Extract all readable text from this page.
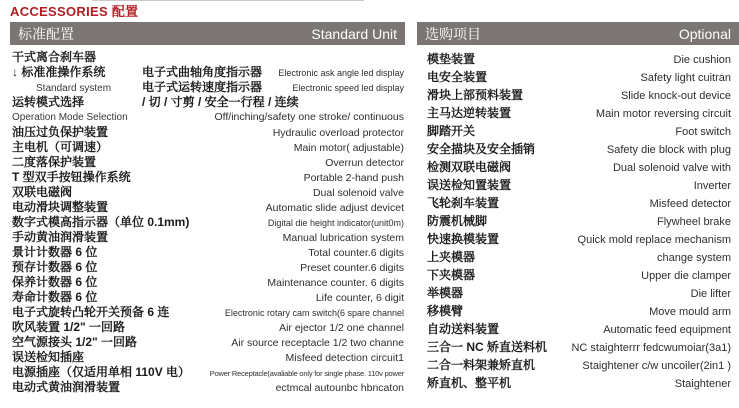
ACCESSORIES 配置
标准配置	Standard Unit
干式离合刹车器
↓ 标准准操作系统	电子式曲轴角度指示器	Electronic ask angle led display
Standard system	电子式运转速度指示器	Electronic speed led display
运转模式选择	/ 切 / 寸剪 / 安全一行程 / 连续
Operation Mode Selection	Off/inching/safety one stroke/ continuous
油压过负保护装置	Hydraulic overload protector
主电机（可调速）	Main motor( adjustable)
二度落保护装置	Overrun detector
T 型双手按钮操作系统	Portable 2-hand push
双联电磁阀	Dual solenoid valve
电动滑块调整装置	Automatic slide adjust devicet
数字式模高指示器（单位 0.1mm)	Digital die height indicator(unit0m)
手动黄油润滑装置	Manual lubrication system
景计计数器 6 位	Total counter.6 digits
预存计数器 6 位	Preset counter.6 digits
保养计数器 6 位	Maintenance counter. 6 digits
寿命计数器 6 位	Life counter, 6 digit
电子式旋转凸轮开关预备 6 连	Electronic rotary cam switch(6 spare channel
吹风装置 1/2" 一回路	Air ejector 1/2 one channel
空气源接头 1/2" 一回路	Air source receptacle 1/2 two channe
误送检知插座	Misfeed detection circuit1
电源插座（仅适用单相 110V 电）	Power Receptacle(avaliable only for single phase. 110v power
电动式黄油润滑装置	ectmcal autounbc hbncaton
选购项目	Optional
模垫装置	Die cushion
电安全装置	Safety light cuitran
滑块上部预料装置	Slide knock-out device
主马达逆转装置	Main motor reversing circuit
脚踏开关	Foot switch
安全描块及安全插销	Safety die block with plug
检测双联电磁阀	Dual solenoid valve with
误送检知置装置	Inverter
飞轮刹车装置	Misfeed detector
防震机械脚	Flywheel brake
快速换模装置	Quick mold replace mechanism
上夹模器	change system
下夹模器	Upper die clamper
举模器	Die lifter
移模臂	Move mould arm
自动送料装置	Automatic feed equipment
三合一 NC 矫直送料机	NC staighterrr fedcwumoiar(3a1)
二合一料架兼矫直机	Staightener c/w uncoiler(2in1 )
矫直机、整平机	Staightener
